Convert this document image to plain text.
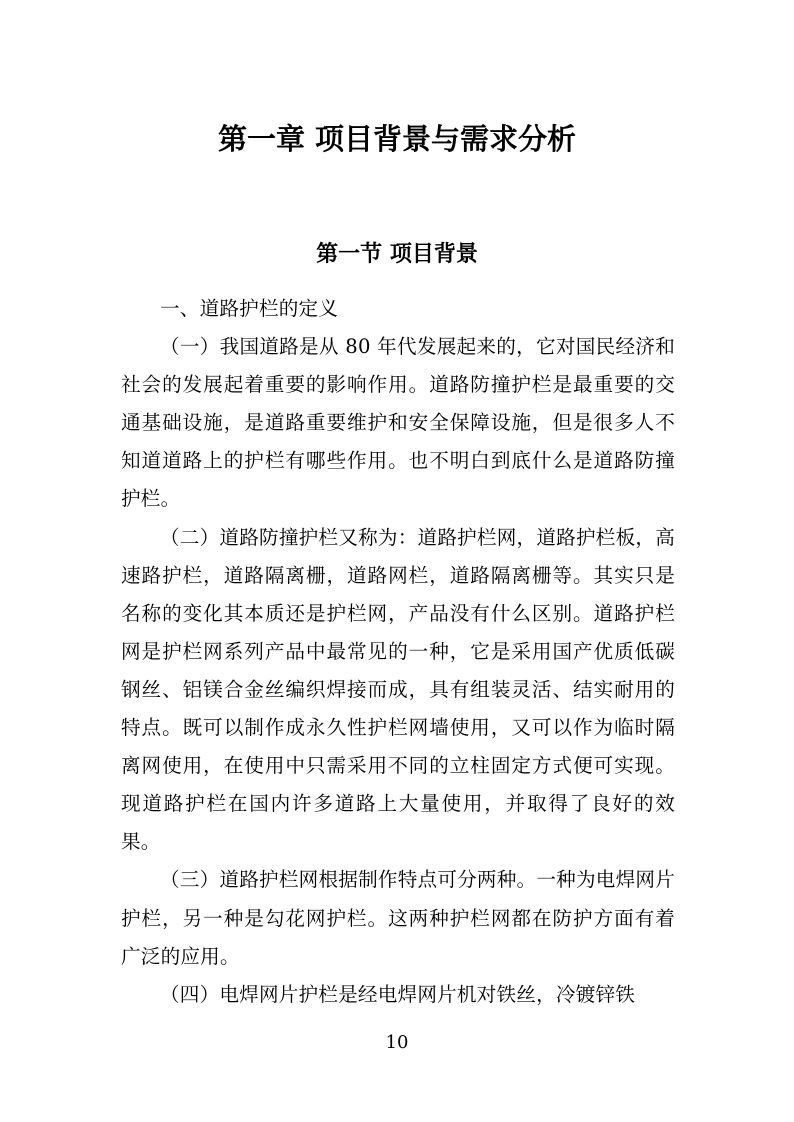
第一章 项目背景与需求分析
第一节 项目背景

一、道路护栏的定义

（一）我国道路是从 80 年代发展起来的，它对国民经济和社会的发展起着重要的影响作用。道路防撞护栏是最重要的交通基础设施，是道路重要维护和安全保障设施，但是很多人不知道道路上的护栏有哪些作用。也不明白到底什么是道路防撞护栏。

（二）道路防撞护栏又称为：道路护栏网，道路护栏板，高速路护栏，道路隔离栅，道路网栏，道路隔离栅等。其实只是名称的变化其本质还是护栏网，产品没有什么区别。道路护栏网是护栏网系列产品中最常见的一种，它是采用国产优质低碳钢丝、铝镁合金丝编织焊接而成，具有组装灵活、结实耐用的特点。既可以制作成永久性护栏网墙使用，又可以作为临时隔离网使用，在使用中只需采用不同的立柱固定方式便可实现。现道路护栏在国内许多道路上大量使用，并取得了良好的效果。

（三）道路护栏网根据制作特点可分两种。一种为电焊网片护栏，另一种是勾花网护栏。这两种护栏网都在防护方面有着广泛的应用。

（四）电焊网片护栏是经电焊网片机对铁丝，冷镀锌铁

10
